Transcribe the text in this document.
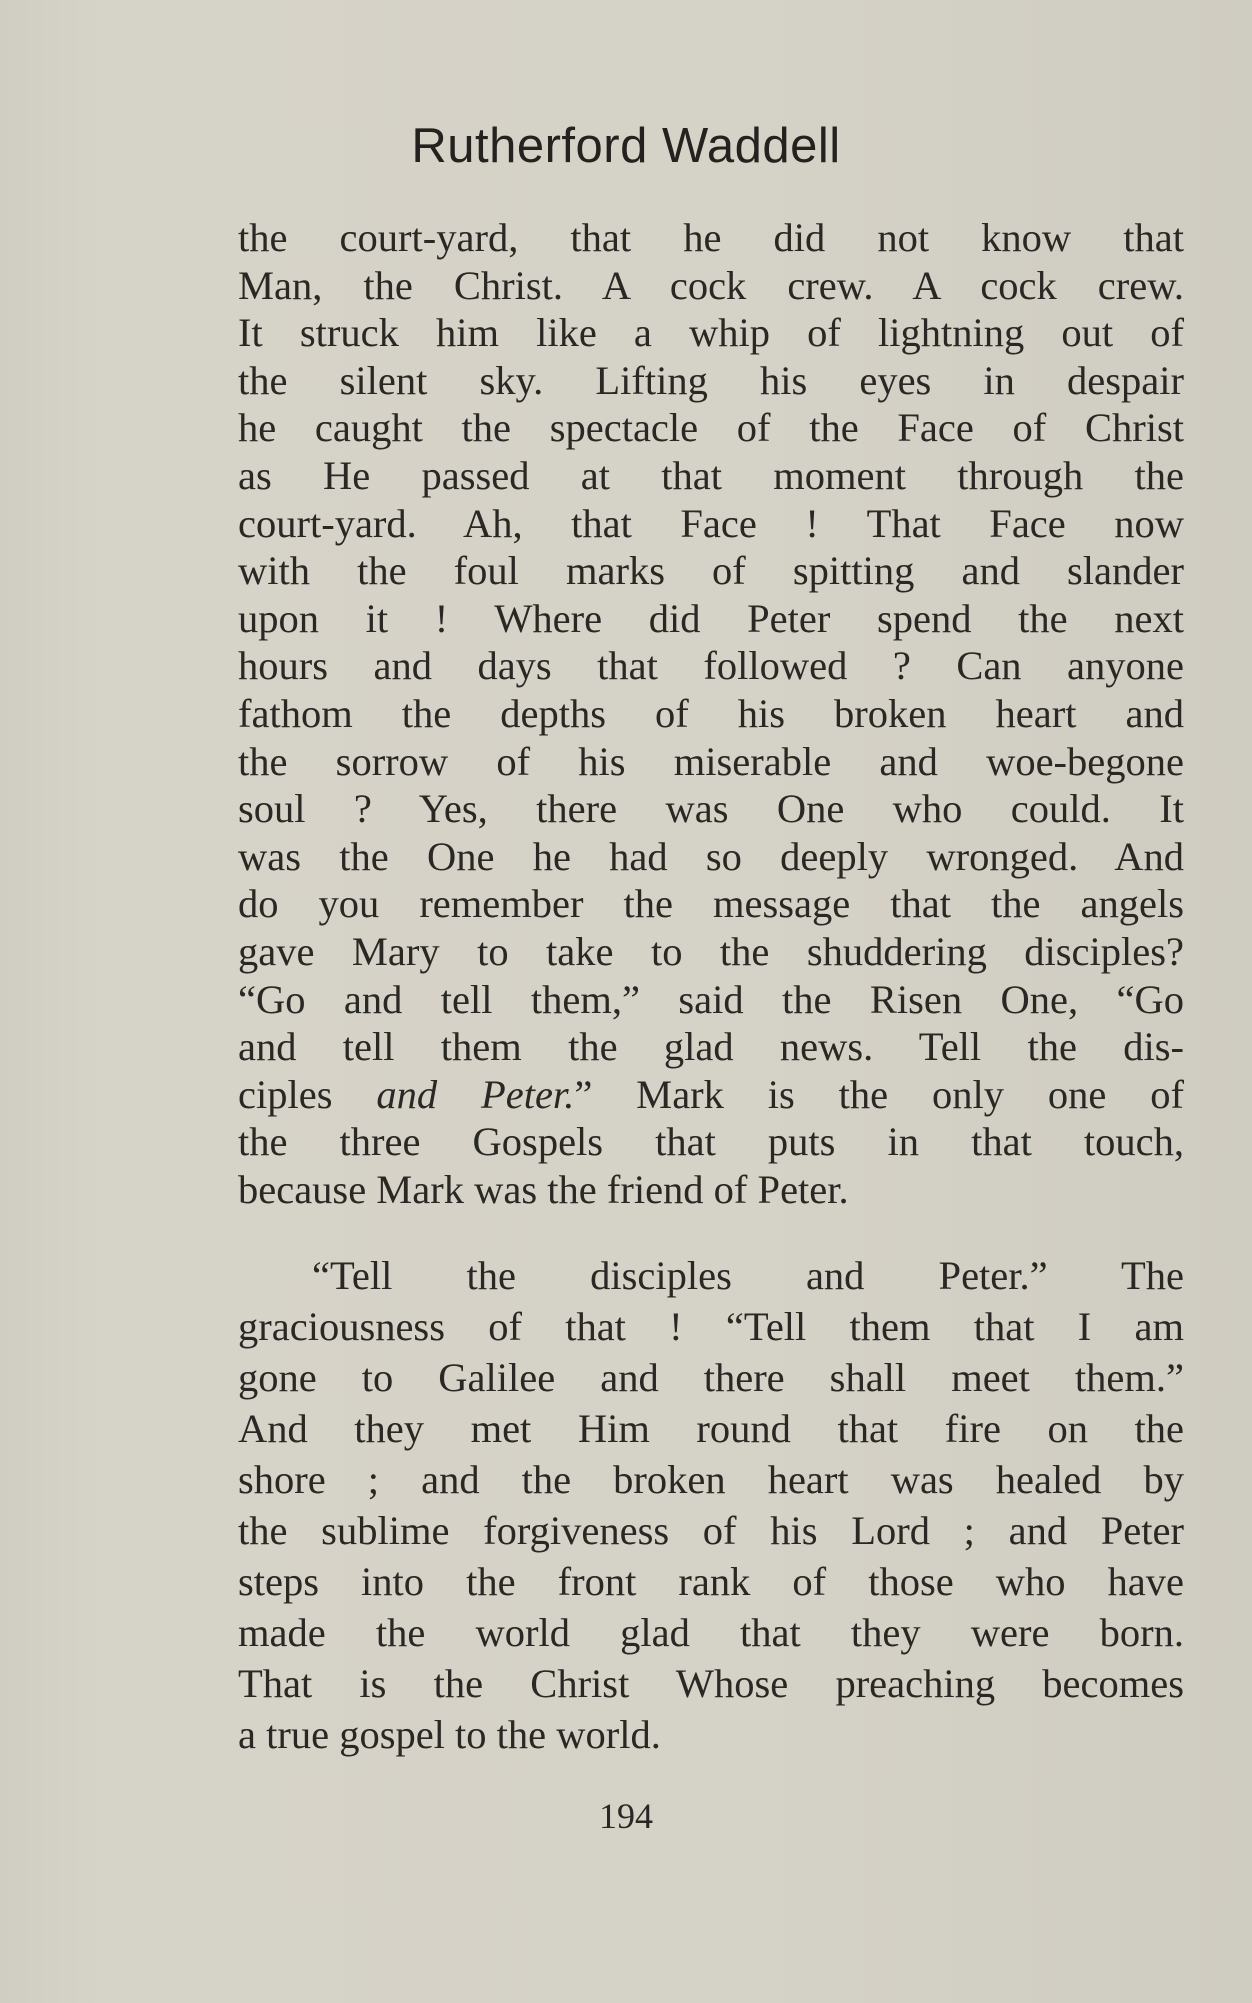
Rutherford Waddell
the court-yard, that he did not know that
Man, the Christ. A cock crew. A cock crew.
It struck him like a whip of lightning out of
the silent sky. Lifting his eyes in despair
he caught the spectacle of the Face of Christ
as He passed at that moment through the
court-yard. Ah, that Face ! That Face now
with the foul marks of spitting and slander
upon it ! Where did Peter spend the next
hours and days that followed ? Can anyone
fathom the depths of his broken heart and
the sorrow of his miserable and woe-begone
soul ? Yes, there was One who could. It
was the One he had so deeply wronged. And
do you remember the message that the angels
gave Mary to take to the shuddering disciples?
“Go and tell them,” said the Risen One, “Go
and tell them the glad news. Tell the dis-
ciples and Peter.” Mark is the only one of
the three Gospels that puts in that touch,
because Mark was the friend of Peter.
“Tell the disciples and Peter.” The
graciousness of that ! “Tell them that I am
gone to Galilee and there shall meet them.”
And they met Him round that fire on the
shore ; and the broken heart was healed by
the sublime forgiveness of his Lord ; and Peter
steps into the front rank of those who have
made the world glad that they were born.
That is the Christ Whose preaching becomes
a true gospel to the world.
194
